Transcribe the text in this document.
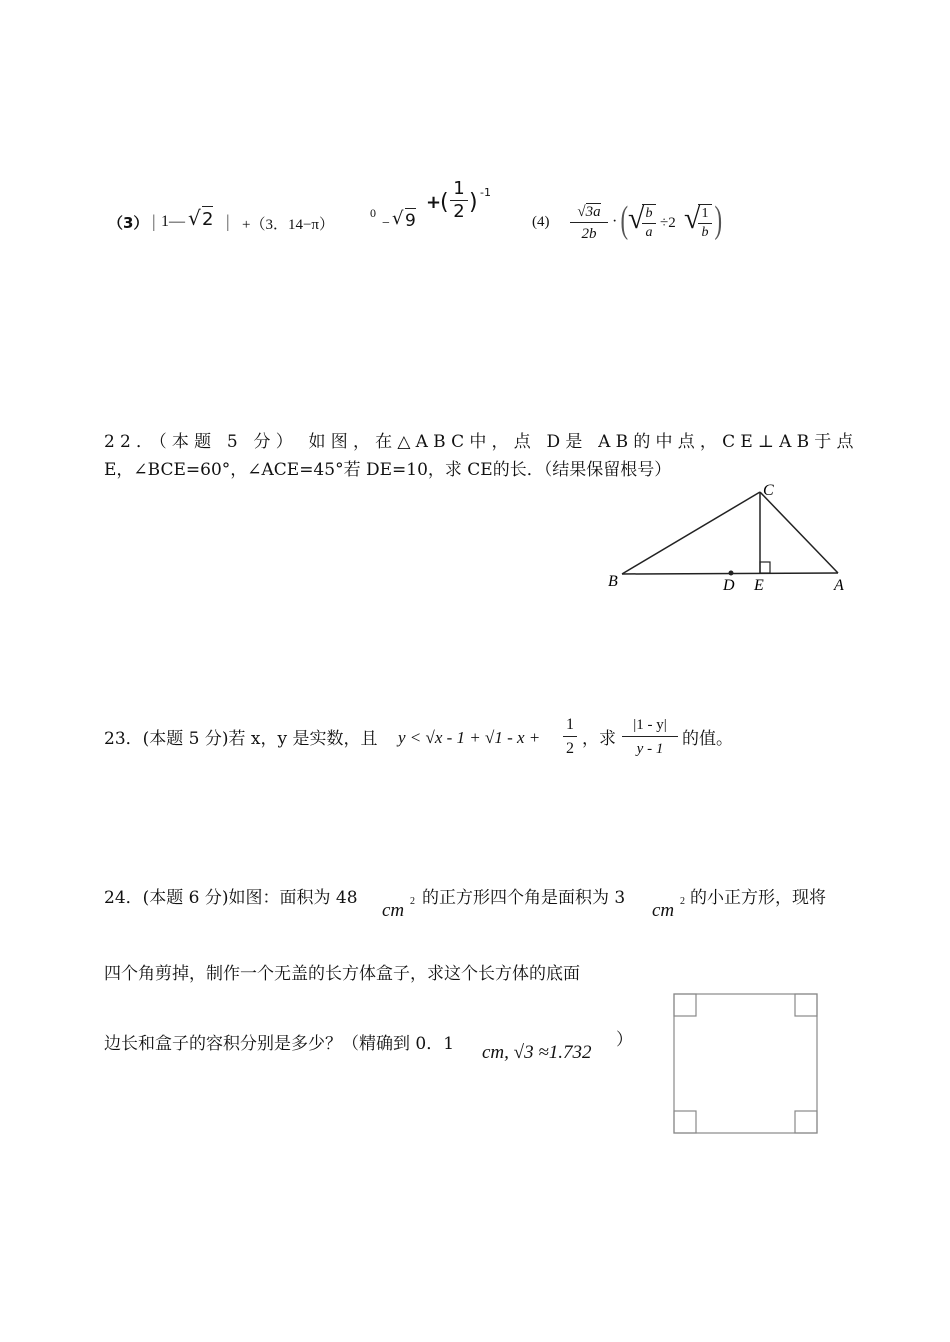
（3） | 1— √ 2 | +（3．14−π）
0
− √ 9
+
( $\frac{1}{2}$ ) -1
$(4) \frac{√3a}{2b}$ · ( √
$\frac{b}{a} \div 2$ √
$\frac{1}{b}$ )
22．（本题 5 分） 如图，在△ABC中，点 D是 AB的中点，CE⊥AB于点
E，∠BCE=60°，∠ACE=45°若 DE=10，求 CE的长．（结果保留根号）
C
B	D E	A
23．(本题 5 分)若 x，y 是实数，且 $y < √x - 1 + √1 - x + \frac{1}{2}$ ，求 $\frac{|1 - y|}{y - 1}$ 的值。
24．(本题 6 分)如图：面积为 48
cm 2 的正方形四个角是面积为 3
cm 2 的小正方形，现将
四个角剪掉，制作一个无盖的长方体盒子，求这个长方体的底面
边长和盒子的容积分别是多少？（精确到 0．1 cm, √3 ≈1.732
）
